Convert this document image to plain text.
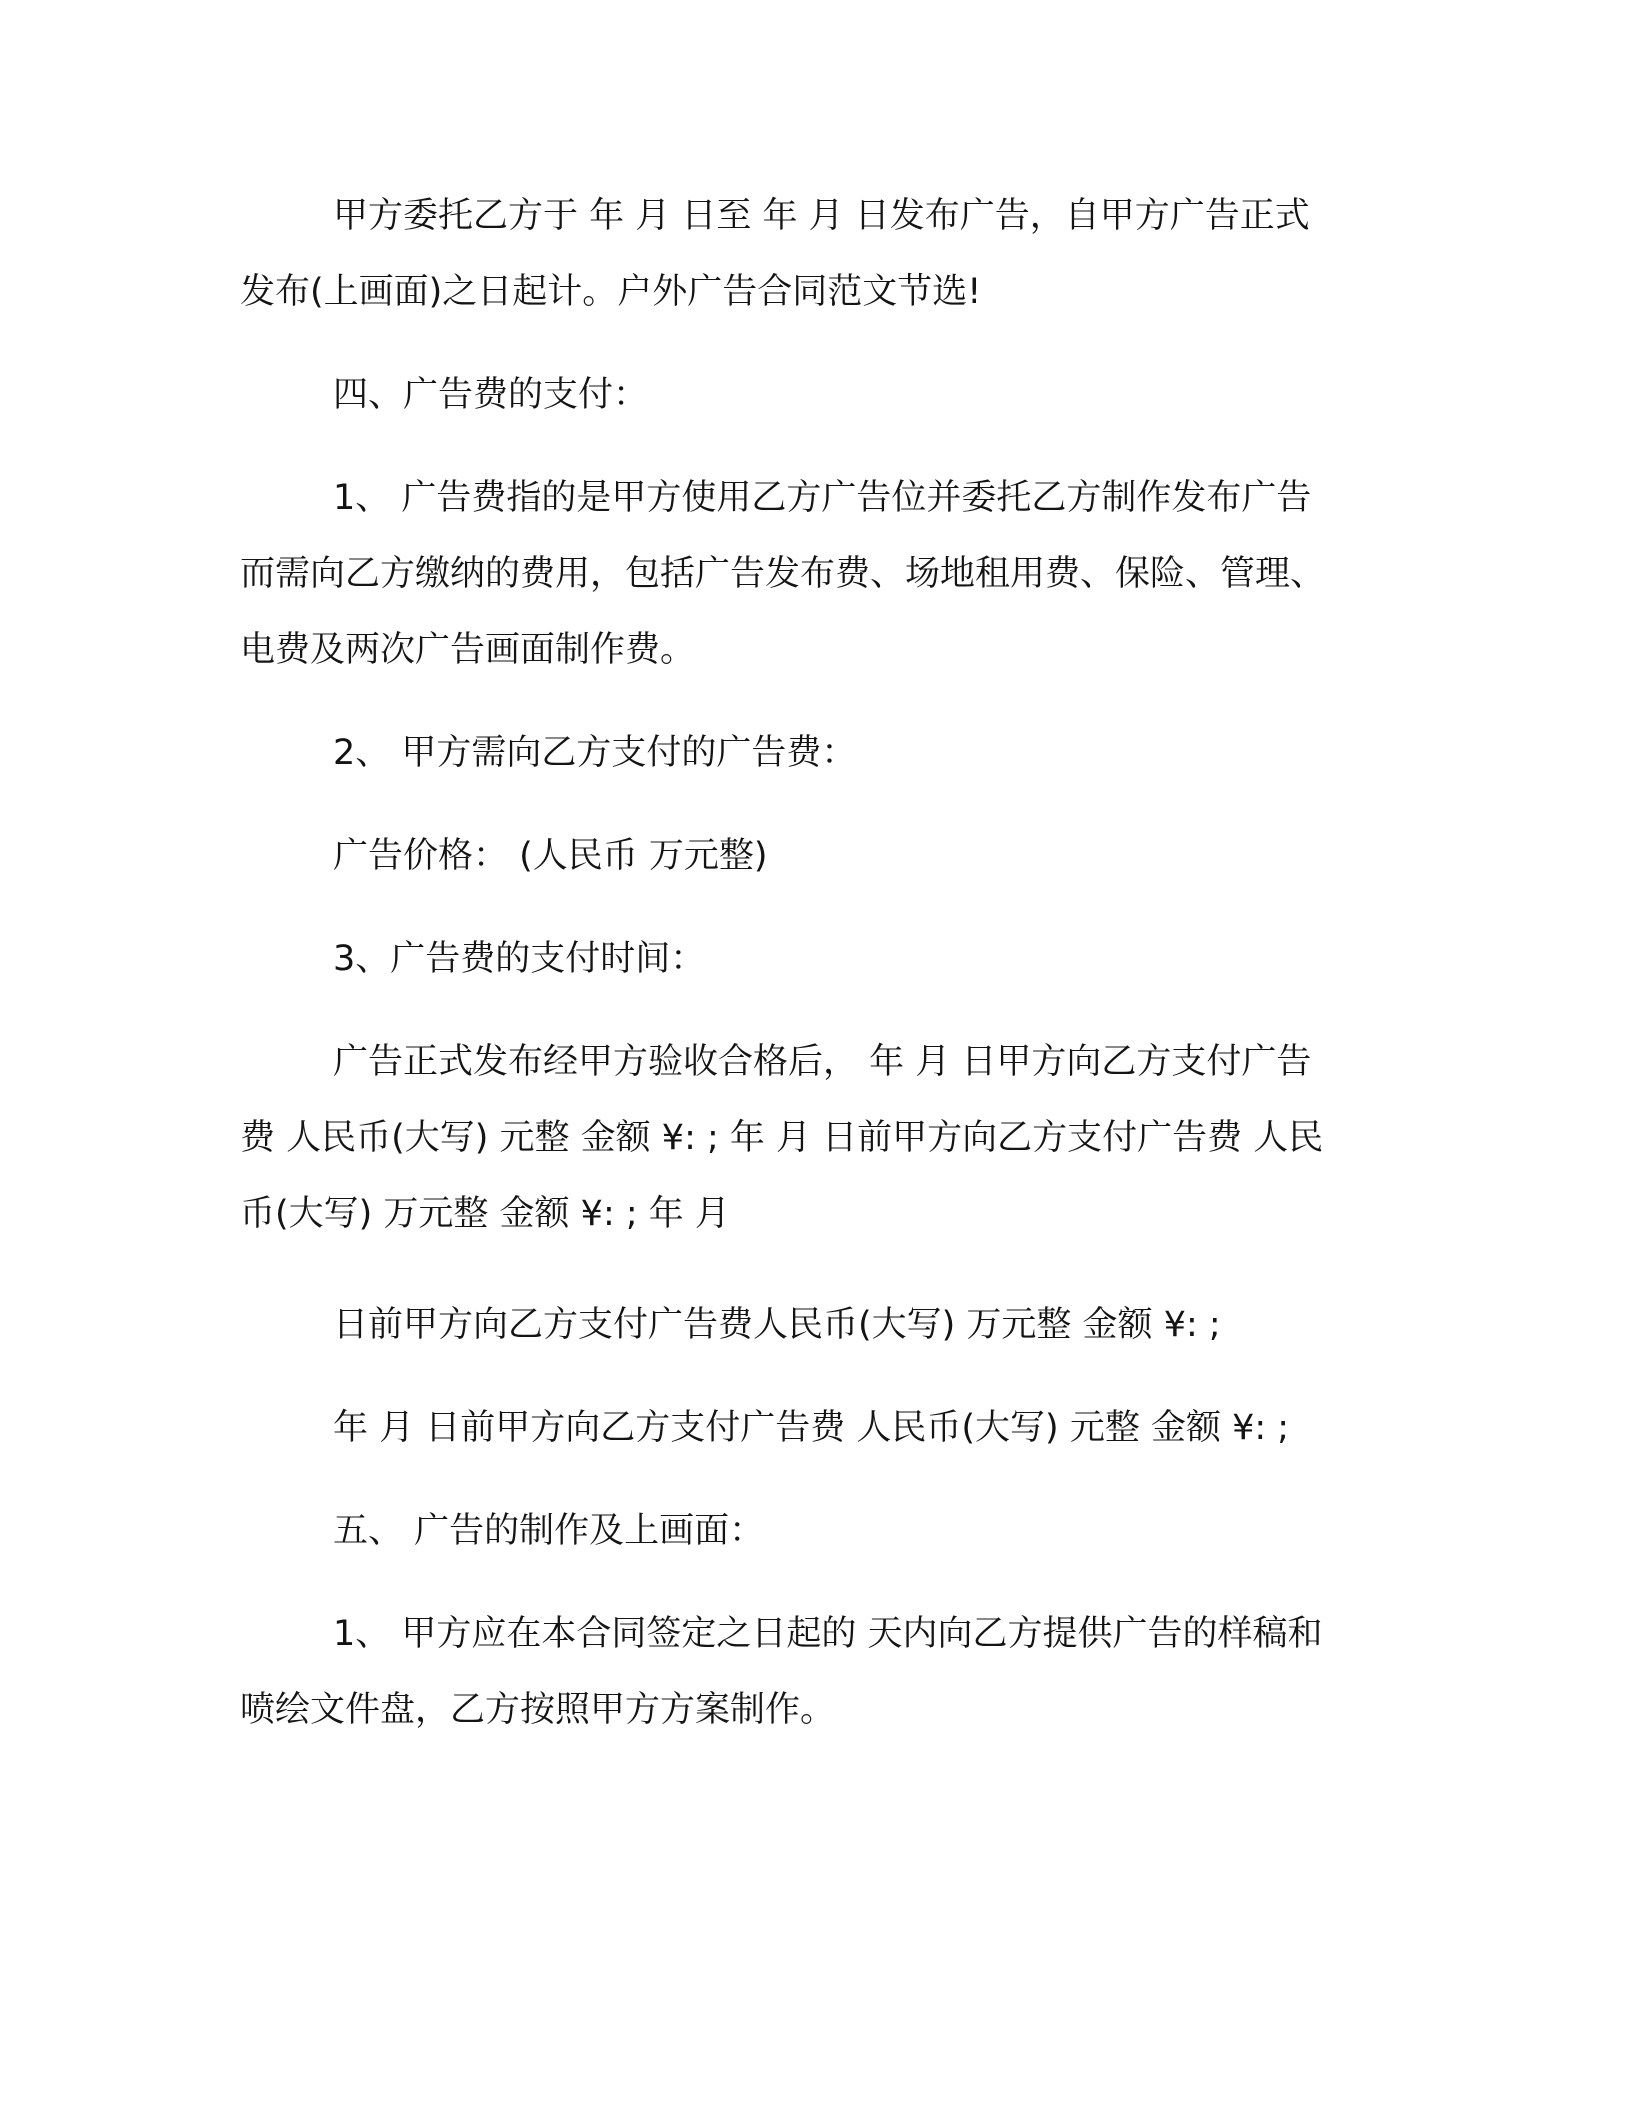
甲方委托乙方于 年 月 日至 年 月 日发布广告，自甲方广告正式
发布(上画面)之日起计。户外广告合同范文节选!
四、广告费的支付：
1、 广告费指的是甲方使用乙方广告位并委托乙方制作发布广告
而需向乙方缴纳的费用，包括广告发布费、场地租用费、保险、管理、
电费及两次广告画面制作费。
2、 甲方需向乙方支付的广告费：
广告价格： (人民币 万元整)
3、广告费的支付时间：
广告正式发布经甲方验收合格后， 年 月 日甲方向乙方支付广告
费 人民币(大写) 元整 金额 ¥: ; 年 月 日前甲方向乙方支付广告费 人民
币(大写) 万元整 金额 ¥: ; 年 月
日前甲方向乙方支付广告费人民币(大写) 万元整 金额 ¥: ;
年 月 日前甲方向乙方支付广告费 人民币(大写) 元整 金额 ¥: ;
五、 广告的制作及上画面：
1、 甲方应在本合同签定之日起的 天内向乙方提供广告的样稿和
喷绘文件盘，乙方按照甲方方案制作。
